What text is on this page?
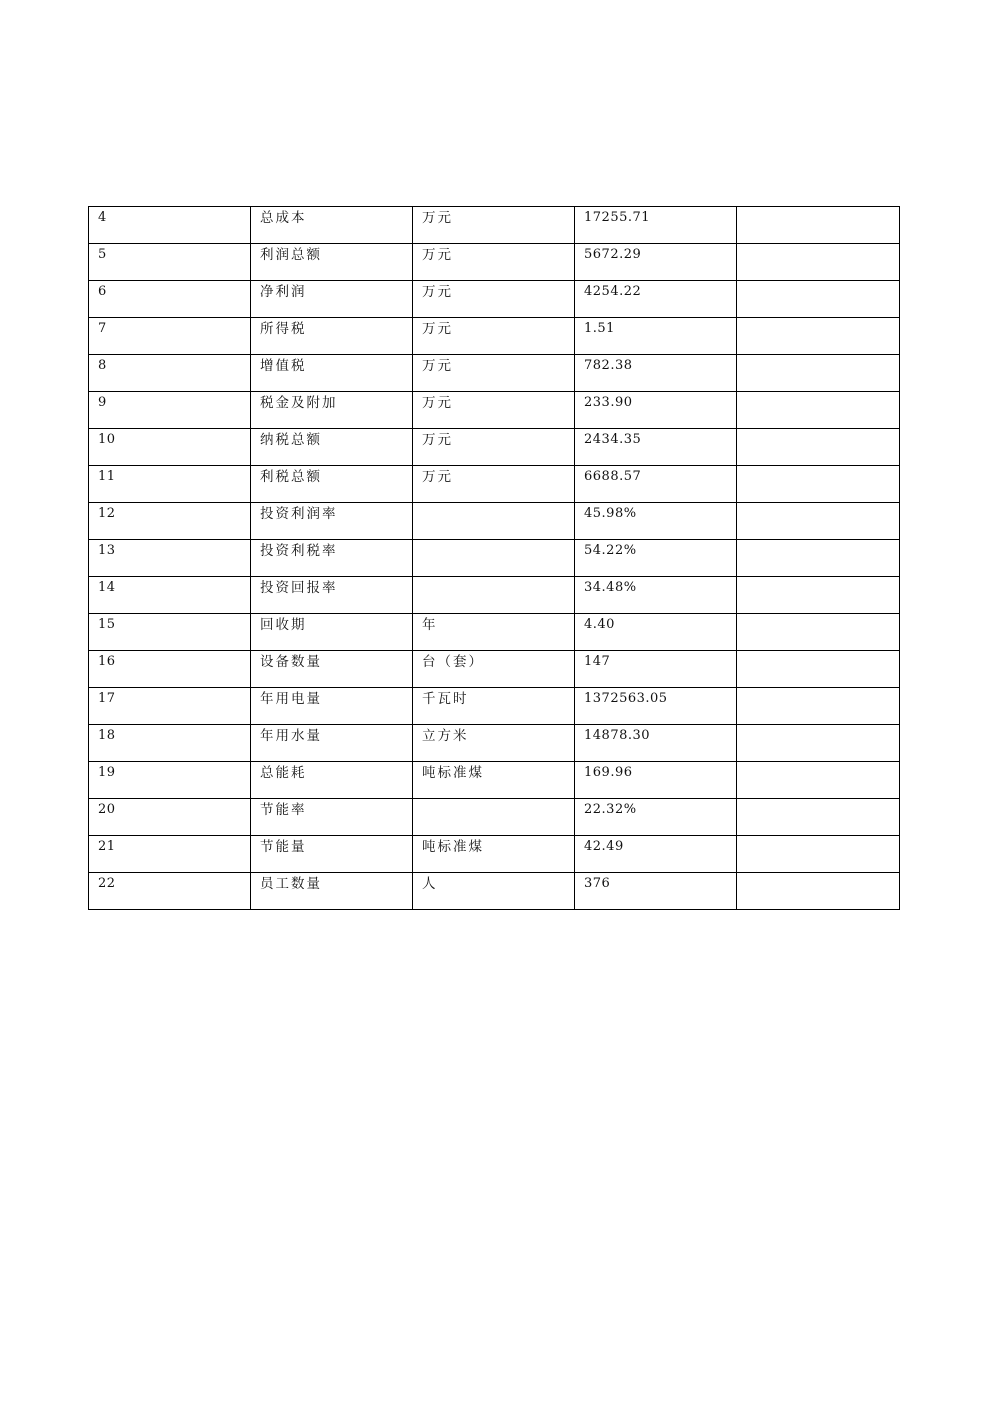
4	总成本	万元	17255.71	
5	利润总额	万元	5672.29	
6	净利润	万元	4254.22	
7	所得税	万元	1.51	
8	增值税	万元	782.38	
9	税金及附加	万元	233.90	
10	纳税总额	万元	2434.35	
11	利税总额	万元	6688.57	
12	投资利润率		45.98%	
13	投资利税率		54.22%	
14	投资回报率		34.48%	
15	回收期	年	4.40	
16	设备数量	台（套）	147	
17	年用电量	千瓦时	1372563.05	
18	年用水量	立方米	14878.30	
19	总能耗	吨标准煤	169.96	
20	节能率		22.32%	
21	节能量	吨标准煤	42.49	
22	员工数量	人	376	
